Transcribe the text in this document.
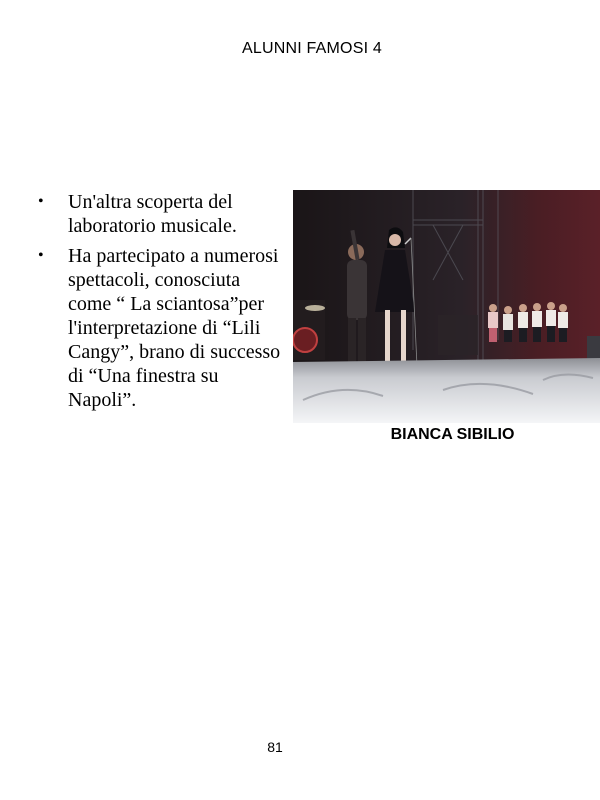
ALUNNI FAMOSI 4
• Un'altra scoperta del laboratorio musicale.
• Ha partecipato a numerosi spettacoli, conosciuta come “ La sciantosa”per l'interpretazione di “Lili Cangy”, brano di successo di “Una finestra su Napoli”.
BIANCA SIBILIO
81
